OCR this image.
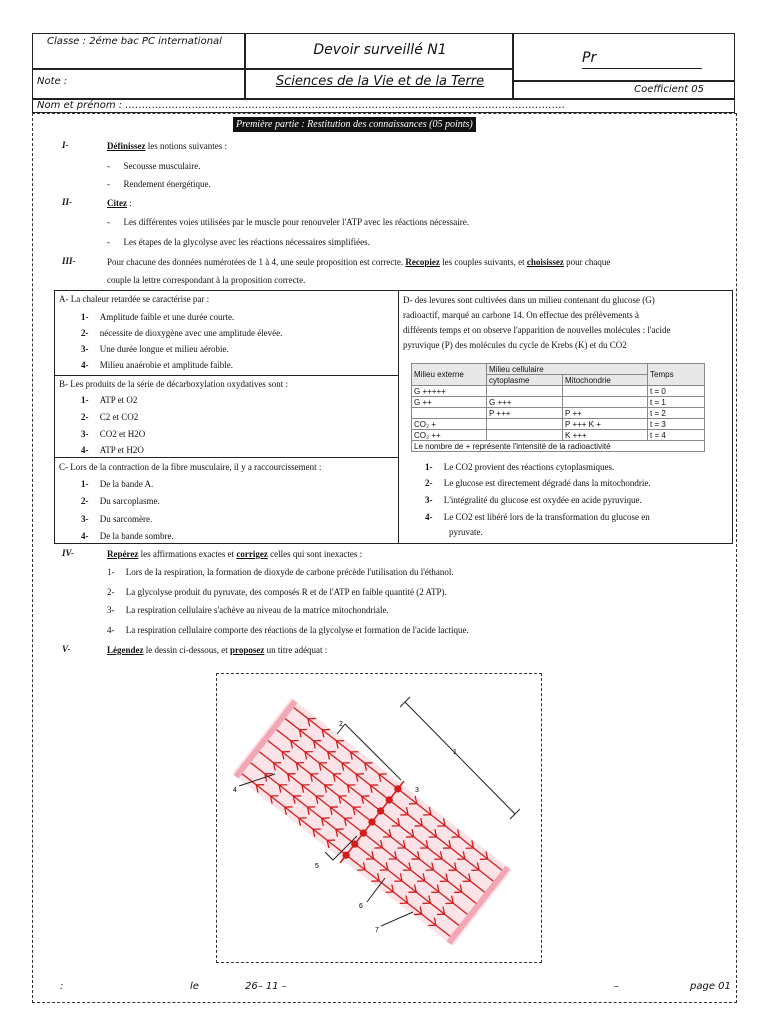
Classe : 2éme bac PC international
Devoir surveillé N1	Pr
Note :	Sciences de la Vie et de la Terre
Coefficient 05
Nom et prénom : ……………………………………………………………………………………………………………………
Première partie : Restitution des connaissances (05 points)
I-	Définissez les notions suivantes :
-      Secousse musculaire.
-      Rendement énergétique.
II-	Citez :
-      Les différentes voies utilisées par le muscle pour renouveler l'ATP avec les réactions nécessaire.
-      Les étapes de la glycolyse avec les réactions nécessaires simplifiées.
III-	Pour chacune des données numérotées de 1 à 4, une seule proposition est correcte. Recopiez les couples suivants, et choisissez pour chaque
couple la lettre correspondant à la proposition correcte.
A- La chaleur retardée se caractérise par :
1- Amplitude faible et une durée courte.
2- nécessite de dioxygène avec une amplitude élevée.
3- Une durée longue et milieu aérobie.
4- Milieu anaérobie et amplitude faible.
B- Les produits de la série de décarboxylation oxydatives sont :
1- ATP et O2
2- C2 et CO2
3- CO2 et H2O
4- ATP et H2O
C- Lors de la contraction de la fibre musculaire, il y a raccourcissement :
1- De la bande A.
2- Du sarcoplasme.
3- Du sarcomère.
4- De la bande sombre.
D- des levures sont cultivées dans un milieu contenant du glucose (G)
radioactif, marqué au carbone 14. On effectue des prélèvements à
différents temps et on observe l'apparition de nouvelles molécules : l'acide
pyruvique (P) des molécules du cycle de Krebs (K) et du CO2
Milieu externe	Milieu cellulaire		Temps
	cytoplasme	Mitochondrie	
G +++++			t = 0
G ++	G +++		t = 1
	P +++	P ++	t = 2
CO₂ +		P +++ K +	t = 3
CO₂ ++		K +++	t = 4
Le nombre de + représente l'intensité de la radioactivité			
1- Le CO2 provient des réactions cytoplasmiques.
2- Le glucose est directement dégradé dans la mitochondrie.
3- L'intégralité du glucose est oxydée en acide pyruvique.
4- Le CO2 est libéré lors de la transformation du glucose en
pyruvate.
IV-	Repérez les affirmations exactes et corrigez celles qui sont inexactes :
1- Lors de la respiration, la formation de dioxyde de carbone précède l'utilisation du l'éthanol.
2- La glycolyse produit du pyruvate, des composés R et de l'ATP en faible quantité (2 ATP).
3- La respiration cellulaire s'achève au niveau de la matrice mitochondriale.
4- La respiration cellulaire comporte des réactions de la glycolyse et formation de l'acide lactique.
V-	Légendez le dessin ci-dessous, et proposez un titre adéquat :
1
2
3
4
5
6
7
:	le	26– 11 –	–	page 01
